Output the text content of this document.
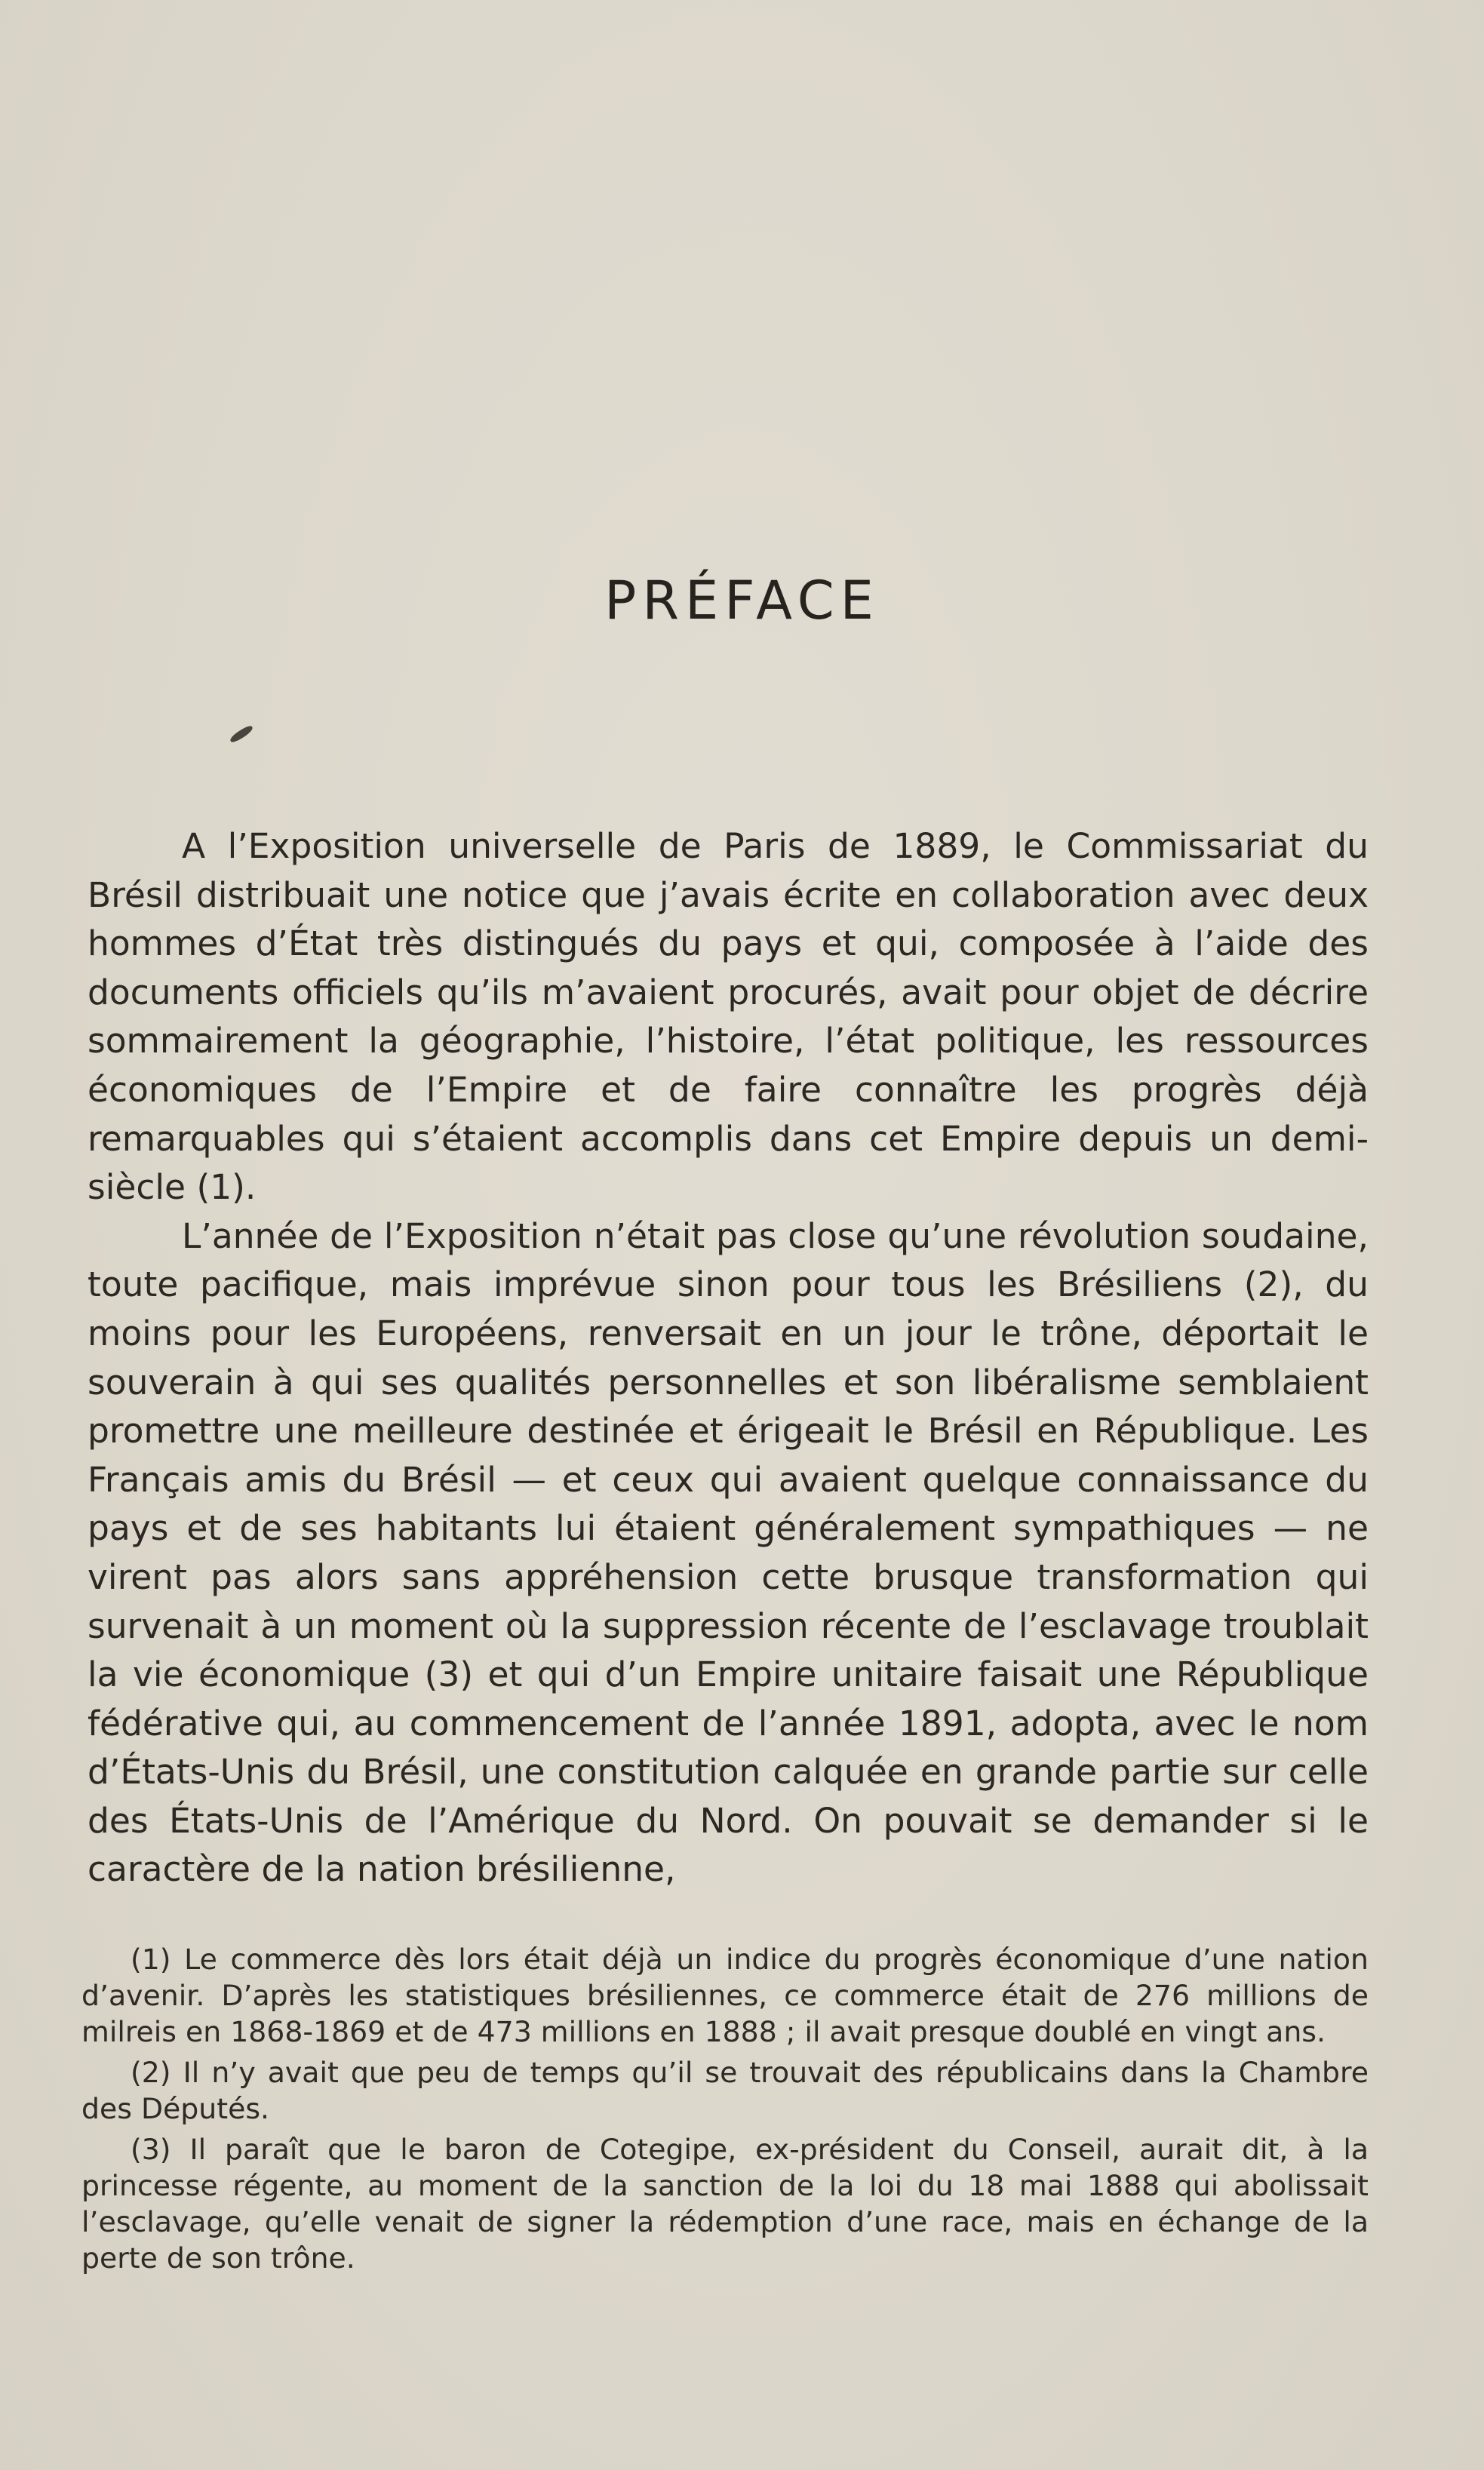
PRÉFACE

A l’Exposition universelle de Paris de 1889, le Commissariat du Brésil distribuait une notice que j’avais écrite en collaboration avec deux hommes d’État très distingués du pays et qui, composée à l’aide des documents officiels qu’ils m’avaient procurés, avait pour objet de décrire sommairement la géographie, l’histoire, l’état politique, les ressources économiques de l’Empire et de faire connaître les progrès déjà remarquables qui s’étaient accomplis dans cet Empire depuis un demi-siècle (1).

L’année de l’Exposition n’était pas close qu’une révolution soudaine, toute pacifique, mais imprévue sinon pour tous les Brésiliens (2), du moins pour les Européens, renversait en un jour le trône, déportait le souverain à qui ses qualités personnelles et son libéralisme semblaient promettre une meilleure destinée et érigeait le Brésil en République. Les Français amis du Brésil — et ceux qui avaient quelque connaissance du pays et de ses habitants lui étaient généralement sympathiques — ne virent pas alors sans appréhension cette brusque transformation qui survenait à un moment où la suppression récente de l’esclavage troublait la vie économique (3) et qui d’un Empire unitaire faisait une République fédérative qui, au commencement de l’année 1891, adopta, avec le nom d’États-Unis du Brésil, une constitution calquée en grande partie sur celle des États-Unis de l’Amérique du Nord. On pouvait se demander si le caractère de la nation brésilienne,

(1) Le commerce dès lors était déjà un indice du progrès économique d’une nation d’avenir. D’après les statistiques brésiliennes, ce commerce était de 276 millions de milreis en 1868-1869 et de 473 millions en 1888 ; il avait presque doublé en vingt ans.

(2) Il n’y avait que peu de temps qu’il se trouvait des républicains dans la Chambre des Députés.

(3) Il paraît que le baron de Cotegipe, ex-président du Conseil, aurait dit, à la princesse régente, au moment de la sanction de la loi du 18 mai 1888 qui abolissait l’esclavage, qu’elle venait de signer la rédemption d’une race, mais en échange de la perte de son trône.
